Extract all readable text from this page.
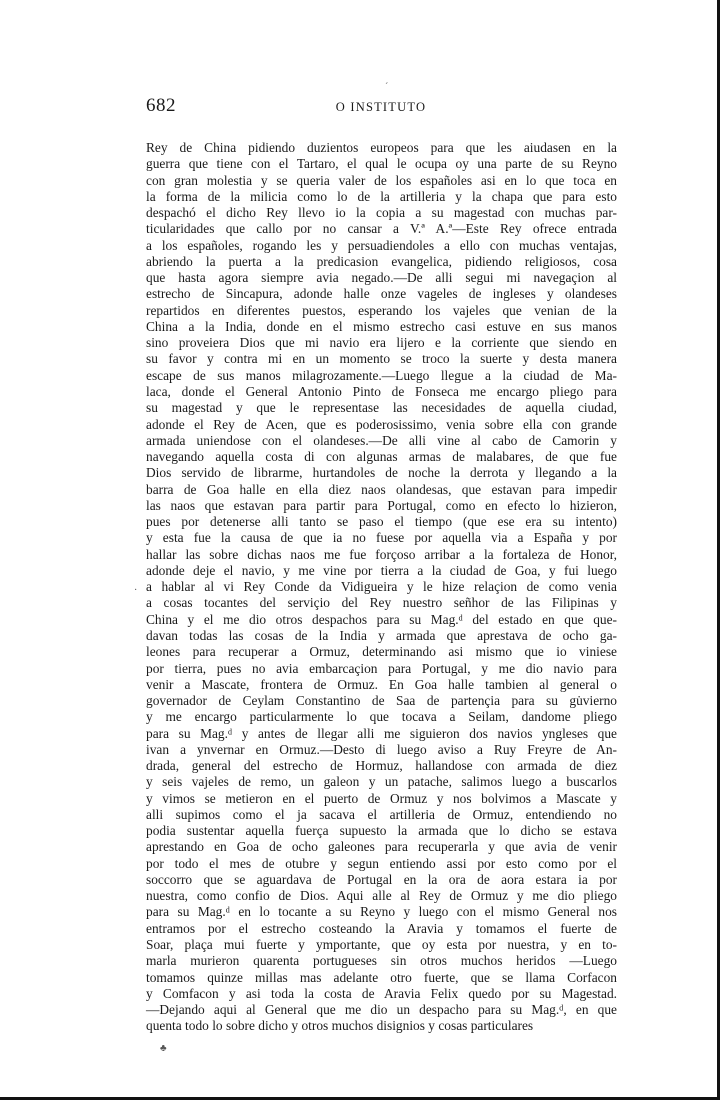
682	O INSTITUTO
Rey de China pidiendo duzientos europeos para que les aiudasen en la
guerra que tiene con el Tartaro, el qual le ocupa oy una parte de su Reyno
con gran molestia y se queria valer de los españoles asi en lo que toca en
la forma de la milicia como lo de la artilleria y la chapa que para esto
despachó el dicho Rey llevo io la copia a su magestad con muchas par-
ticularidades que callo por no cansar a V.ª A.ª—Este Rey ofrece entrada
a los españoles, rogando les y persuadiendoles a ello con muchas ventajas,
abriendo la puerta a la predicasion evangelica, pidiendo religiosos, cosa
que hasta agora siempre avia negado.—De alli segui mi navegaçion al
estrecho de Sincapura, adonde halle onze vageles de ingleses y olandeses
repartidos en diferentes puestos, esperando los vajeles que venian de la
China a la India, donde en el mismo estrecho casi estuve en sus manos
sino proveiera Dios que mi navio era lijero e la corriente que siendo en
su favor y contra mi en un momento se troco la suerte y desta manera
escape de sus manos milagrozamente.—Luego llegue a la ciudad de Ma-
laca, donde el General Antonio Pinto de Fonseca me encargo pliego para
su magestad y que le representase las necesidades de aquella ciudad,
adonde el Rey de Acen, que es poderosissimo, venia sobre ella con grande
armada uniendose con el olandeses.—De alli vine al cabo de Camorin y
navegando aquella costa di con algunas armas de malabares, de que fue
Dios servido de librarme, hurtandoles de noche la derrota y llegando a la
barra de Goa halle en ella diez naos olandesas, que estavan para impedir
las naos que estavan para partir para Portugal, como en efecto lo hizieron,
pues por detenerse alli tanto se paso el tiempo (que ese era su intento)
y esta fue la causa de que ia no fuese por aquella via a España y por
hallar las sobre dichas naos me fue forçoso arribar a la fortaleza de Honor,
adonde deje el navio, y me vine por tierra a la ciudad de Goa, y fui luego
a hablar al vi Rey Conde da Vidigueira y le hize relaçion de como venia
a cosas tocantes del serviçio del Rey nuestro señhor de las Filipinas y
China y el me dio otros despachos para su Mag.ᵈ del estado en que que-
davan todas las cosas de la India y armada que aprestava de ocho ga-
leones para recuperar a Ormuz, determinando asi mismo que io viniese
por tierra, pues no avia embarcaçion para Portugal, y me dio navio para
venir a Mascate, frontera de Ormuz. En Goa halle tambien al general o
governador de Ceylam Constantino de Saa de partençia para su gu̇vierno
y me encargo particularmente lo que tocava a Seilam, dandome pliego
para su Mag.ᵈ y antes de llegar alli me siguieron dos navios yngleses que
ivan a ynvernar en Ormuz.—Desto di luego aviso a Ruy Freyre de An-
drada, general del estrecho de Hormuz, hallandose con armada de diez
y seis vajeles de remo, un galeon y un patache, salimos luego a buscarlos
y vimos se metieron en el puerto de Ormuz y nos bolvimos a Mascate y
alli supimos como el ja sacava el artilleria de Ormuz, entendiendo no
podia sustentar aquella fuerça supuesto la armada que lo dicho se estava
aprestando en Goa de ocho galeones para recuperarla y que avia de venir
por todo el mes de otubre y segun entiendo assi por esto como por el
soccorro que se aguardava de Portugal en la ora de aora estara ia por
nuestra, como confio de Dios. Aqui alle al Rey de Ormuz y me dio pliego
para su Mag.ᵈ en lo tocante a su Reyno y luego con el mismo General nos
entramos por el estrecho costeando la Aravia y tomamos el fuerte de
Soar, plaça mui fuerte y ymportante, que oy esta por nuestra, y en to-
marla murieron quarenta portugueses sin otros muchos heridos —Luego
tomamos quinze millas mas adelante otro fuerte, que se llama Corfacon
y Comfacon y asi toda la costa de Aravia Felix quedo por su Magestad.
—Dejando aqui al General que me dio un despacho para su Mag.ᵈ, en que
quenta todo lo sobre dicho y otros muchos disignios y cosas particulares
ˊ
·
♣
